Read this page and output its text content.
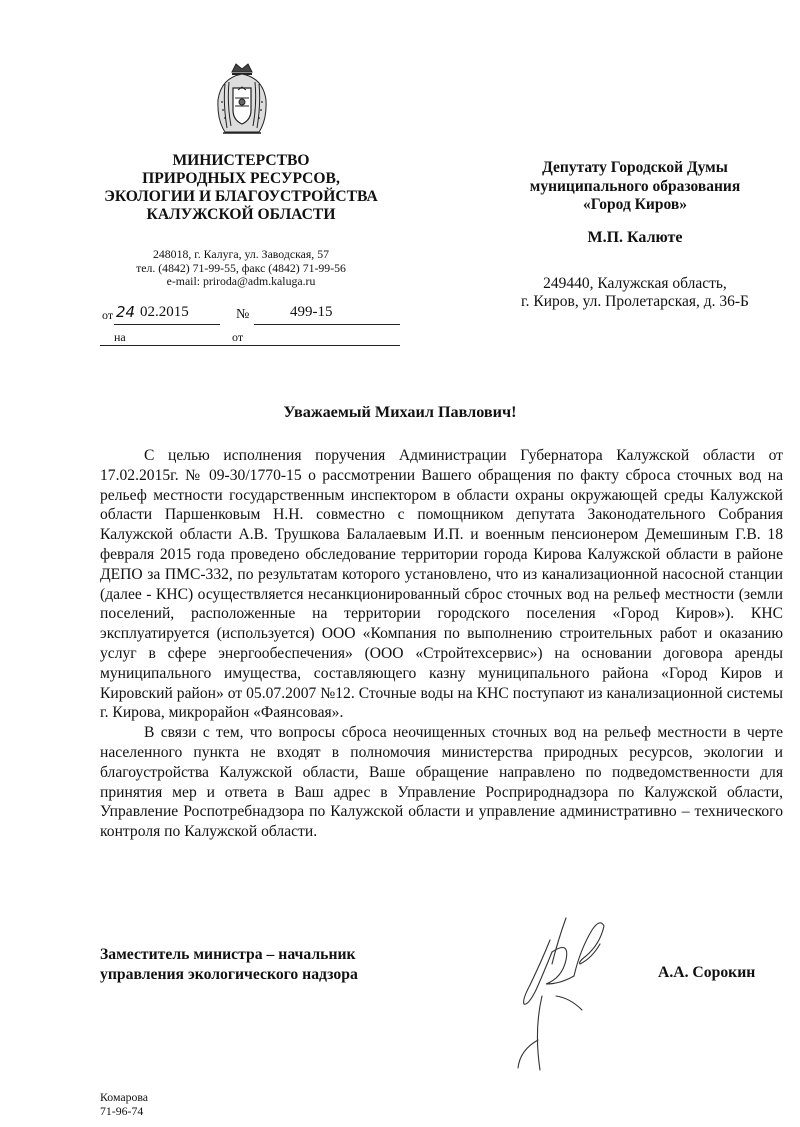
МИНИСТЕРСТВО
ПРИРОДНЫХ РЕСУРСОВ,
ЭКОЛОГИИ И БЛАГОУСТРОЙСТВА
КАЛУЖСКОЙ ОБЛАСТИ
248018, г. Калуга, ул. Заводская, 57
тел. (4842) 71-99-55, факс (4842) 71-99-56
e-mail: priroda@adm.kaluga.ru
от 24 02.2015	№	499-15
на	от
Депутату Городской Думы
муниципального образования
«Город Киров»
М.П. Калюте
249440, Калужская область,
г. Киров, ул. Пролетарская, д. 36-Б
Уважаемый Михаил Павлович!

С целью исполнения поручения Администрации Губернатора Калужской области от 17.02.2015г. № 09-30/1770-15 о рассмотрении Вашего обращения по факту сброса сточных вод на рельеф местности государственным инспектором в области охраны окружающей среды Калужской области Паршенковым Н.Н. совместно с помощником депутата Законодательного Собрания Калужской области А.В. Трушкова Балалаевым И.П. и военным пенсионером Демешиным Г.В. 18 февраля 2015 года проведено обследование территории города Кирова Калужской области в районе ДЕПО за ПМС-332, по результатам которого установлено, что из канализационной насосной станции (далее - КНС) осуществляется несанкционированный сброс сточных вод на рельеф местности (земли поселений, расположенные на территории городского поселения «Город Киров»). КНС эксплуатируется (используется) ООО «Компания по выполнению строительных работ и оказанию услуг в сфере энергообеспечения» (ООО «Стройтехсервис») на основании договора аренды муниципального имущества, составляющего казну муниципального района «Город Киров и Кировский район» от 05.07.2007 №12. Сточные воды на КНС поступают из канализационной системы г. Кирова, микрорайон «Фаянсовая».

В связи с тем, что вопросы сброса неочищенных сточных вод на рельеф местности в черте населенного пункта не входят в полномочия министерства природных ресурсов, экологии и благоустройства Калужской области, Ваше обращение направлено по подведомственности для принятия мер и ответа в Ваш адрес в Управление Росприроднадзора по Калужской области, Управление Роспотребнадзора по Калужской области и управление административно – технического контроля по Калужской области.

Заместитель министра – начальник
управления экологического надзора	А.А. Сорокин
Комарова
71-96-74
